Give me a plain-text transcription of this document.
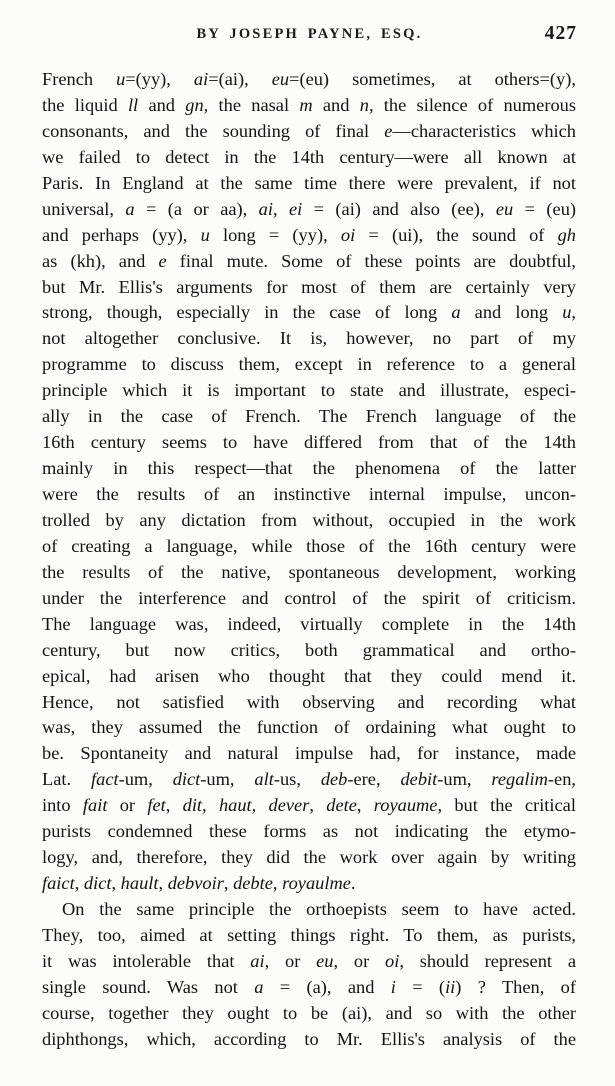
BY JOSEPH PAYNE, ESQ.	427
French u=(yy), ai=(ai), eu=(eu) sometimes, at others=(y),
the liquid ll and gn, the nasal m and n, the silence of numerous
consonants, and the sounding of final e—characteristics which
we failed to detect in the 14th century—were all known at
Paris. In England at the same time there were prevalent, if not
universal, a = (a or aa), ai, ei = (ai) and also (ee), eu = (eu)
and perhaps (yy), u long = (yy), oi = (ui), the sound of gh
as (kh), and e final mute. Some of these points are doubtful,
but Mr. Ellis's arguments for most of them are certainly very
strong, though, especially in the case of long a and long u,
not altogether conclusive. It is, however, no part of my
programme to discuss them, except in reference to a general
principle which it is important to state and illustrate, especi-
ally in the case of French. The French language of the
16th century seems to have differed from that of the 14th
mainly in this respect—that the phenomena of the latter
were the results of an instinctive internal impulse, uncon-
trolled by any dictation from without, occupied in the work
of creating a language, while those of the 16th century were
the results of the native, spontaneous development, working
under the interference and control of the spirit of criticism.
The language was, indeed, virtually complete in the 14th
century, but now critics, both grammatical and ortho-
epical, had arisen who thought that they could mend it.
Hence, not satisfied with observing and recording what
was, they assumed the function of ordaining what ought to
be. Spontaneity and natural impulse had, for instance, made
Lat. fact-um, dict-um, alt-us, deb-ere, debit-um, regalim-en,
into fait or fet, dit, haut, dever, dete, royaume, but the critical
purists condemned these forms as not indicating the etymo-
logy, and, therefore, they did the work over again by writing
faict, dict, hault, debvoir, debte, royaulme.
On the same principle the orthoepists seem to have acted.
They, too, aimed at setting things right. To them, as purists,
it was intolerable that ai, or eu, or oi, should represent a
single sound. Was not a = (a), and i = (ii) ? Then, of
course, together they ought to be (ai), and so with the other
diphthongs, which, according to Mr. Ellis's analysis of the
